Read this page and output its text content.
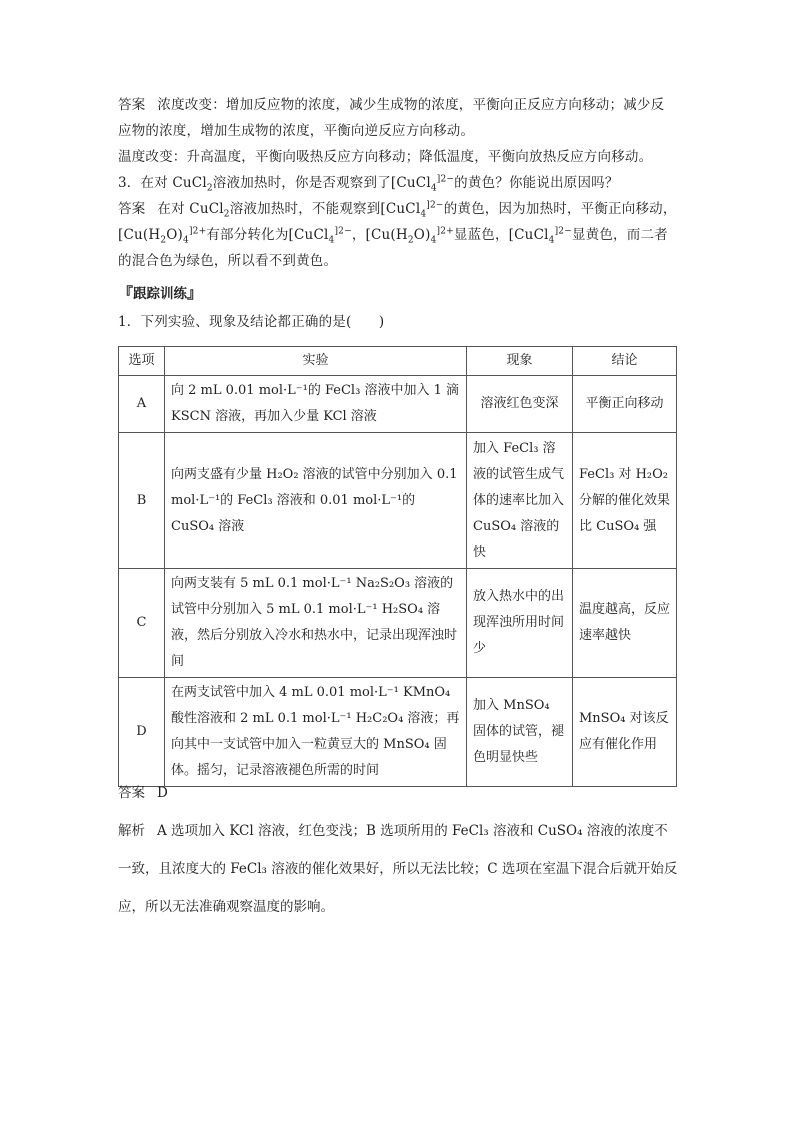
答案 浓度改变：增加反应物的浓度，减少生成物的浓度，平衡向正反应方向移动；减少反

应物的浓度，增加生成物的浓度，平衡向逆反应方向移动。

温度改变：升高温度，平衡向吸热反应方向移动；降低温度，平衡向放热反应方向移动。

3．在对 CuCl$_2$溶液加热时，你是否观察到了[CuCl$_4^{]2-}$的黄色？你能说出原因吗？

答案 在对 CuCl$_2$溶液加热时，不能观察到[CuCl$_4^{]2-}$的黄色，因为加热时，平衡正向移动，

[$Cu(H_2O)_4^{]2+}$有部分转化为[CuCl$_4^{]2-}$，[$Cu(H_2O)_4^{]2+}$显蓝色，[CuCl$_4^{]2-}$显黄色，而二者

的混合色为绿色，所以看不到黄色。

『跟踪训练』

1．下列实验、现象及结论都正确的是(　　)

选项	实验	现象	结论
A	向 2 mL 0.01 mol·L⁻¹的 FeCl₃ 溶液中加入 1 滴 KSCN 溶液，再加入少量 KCl 溶液	溶液红色变深	平衡正向移动
B	向两支盛有少量 H₂O₂ 溶液的试管中分别加入 0.1 mol·L⁻¹的 FeCl₃ 溶液和 0.01 mol·L⁻¹的 CuSO₄ 溶液	加入 FeCl₃ 溶液的试管生成气体的速率比加入 CuSO₄ 溶液的快	FeCl₃ 对 H₂O₂ 分解的催化效果比 CuSO₄ 强
C	向两支装有 5 mL 0.1 mol·L⁻¹ Na₂S₂O₃ 溶液的试管中分别加入 5 mL 0.1 mol·L⁻¹ H₂SO₄ 溶液，然后分别放入冷水和热水中，记录出现浑浊时间	放入热水中的出现浑浊所用时间少	温度越高，反应速率越快
D	在两支试管中加入 4 mL 0.01 mol·L⁻¹ KMnO₄ 酸性溶液和 2 mL 0.1 mol·L⁻¹ H₂C₂O₄ 溶液；再向其中一支试管中加入一粒黄豆大的 MnSO₄ 固体。摇匀，记录溶液褪色所需的时间	加入 MnSO₄ 固体的试管，褪色明显快些	MnSO₄ 对该反应有催化作用

答案 D

解析 A 选项加入 KCl 溶液，红色变浅；B 选项所用的 FeCl₃ 溶液和 CuSO₄ 溶液的浓度不一致，且浓度大的 FeCl₃ 溶液的催化效果好，所以无法比较；C 选项在室温下混合后就开始反应，所以无法准确观察温度的影响。
